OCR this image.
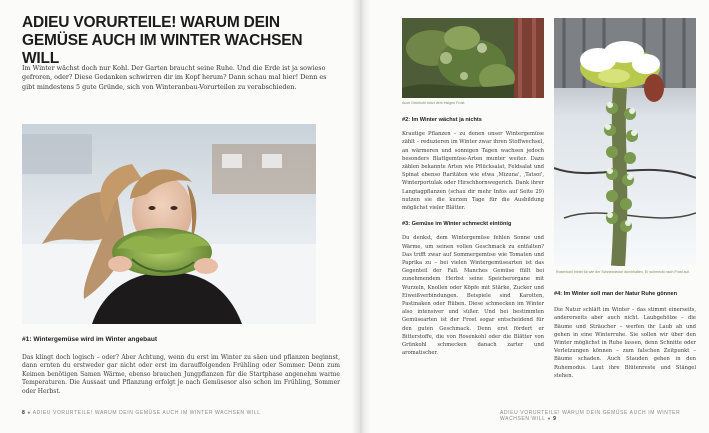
ADIEU VORURTEILE! WARUM DEIN GEMÜSE AUCH IM WINTER WACHSEN WILL

Im Winter wächst doch nur Kohl. Der Garten braucht seine Ruhe. Und die Erde ist ja sowieso gefroren, oder? Diese Gedanken schwirren dir im Kopf herum? Dann schau mal hier! Denn es gibt mindestens 5 gute Gründe, sich von Winteranbau-Vorurteilen zu verabschieden.

#1: Wintergemüse wird im Winter angebaut

Das klingt doch logisch – oder? Aber Achtung, wenn du erst im Winter zu säen und pflanzen beginnst, dann ernten du erstweder gar nicht oder erst im darauffolgenden Frühling oder Sommer. Denn zum Keimen benötigen Samen Wärme, ebenso brauchen Jungpflanzen für die Startphase angenehm warme Temperaturen. Die Aussaat und Pflanzung erfolgt je nach Gemüsesor also schon im Frühling, Sommer oder Herbst.

8 ● ADIEU VORURTEILE! WARUM DEIN GEMÜSE AUCH IM WINTER WACHSEN WILL

Auch Grünkohl trotzt dem eisigen Frost.

#2: Im Winter wächst ja nichts

Krautige Pflanzen – zu denen unser Wintergemüse zählt – reduzieren im Winter zwar ihren Stoffwechsel, an wärmeren und sonnigen Tagen wachsen jedoch besonders Blattgemüse-Arten munter weiter. Dazu zählen bekannte Arten wie Pflücksalat, Feldsalat und Spinat ebenso Raritäten wie etwa ‚Mizuna', ‚Tatsoi', Winterportulak oder Hirschhornwegerich. Dank ihrer Langtagpflanzen (schau dir mehr Infos auf Seite 29) nutzen sie die kurzen Tage für die Ausbildung möglichst vieler Blätter.

#3: Gemüse im Winter schmeckt eintönig

Du denkst, dem Wintergemüse fehlen Sonne und Wärme, um seinen vollen Geschmack zu entfalten? Das trifft zwar auf Sommergemüse wie Tomaten und Paprika zu – bei vielen Wintergemüsearten ist das Gegenteil der Fall. Manches Gemüse füllt bei zunehmendem Herbst seine Speicherorgane mit Wurzeln, Knollen oder Köpfe mit Stärke, Zucker und Eiweißverbindungen. Beispiele sind Karotten, Pastinaken oder Rüben. Diese schmecken im Winter also intensiver und süßer. Und bei bestimmten Gemüsearten ist der Frost sogar entscheidend für den guten Geschmack. Denn erst fördert er Bitterstoffe, die von Rosenkohl oder die Blätter von Grünkohl schmecken danach zarter und aromatischer.

Rosenkohl bleibt für wie der Schneedecke durchhalten. Er schmeckt nach Frost auf.

#4: Im Winter soll man der Natur Ruhe gönnen

Die Natur schläft im Winter – das stimmt einerseits, andererseits aber auch nicht. Laubgehölze – die Bäume und Sträucher – werfen ihr Laub ab und gehen in eine Winterruhe. Sie sollen wir über den Winter möglichst in Ruhe lassen, denn Schnitte oder Verletzungen können – zum falschen Zeitpunkt – Bäume schaden. Auch Stauden gehen in den Ruhemodus. Laut ihre Blütenreste und Stängel stehen.

ADIEU VORURTEILE! WARUM DEIN GEMÜSE AUCH IM WINTER WACHSEN WILL ● 9
